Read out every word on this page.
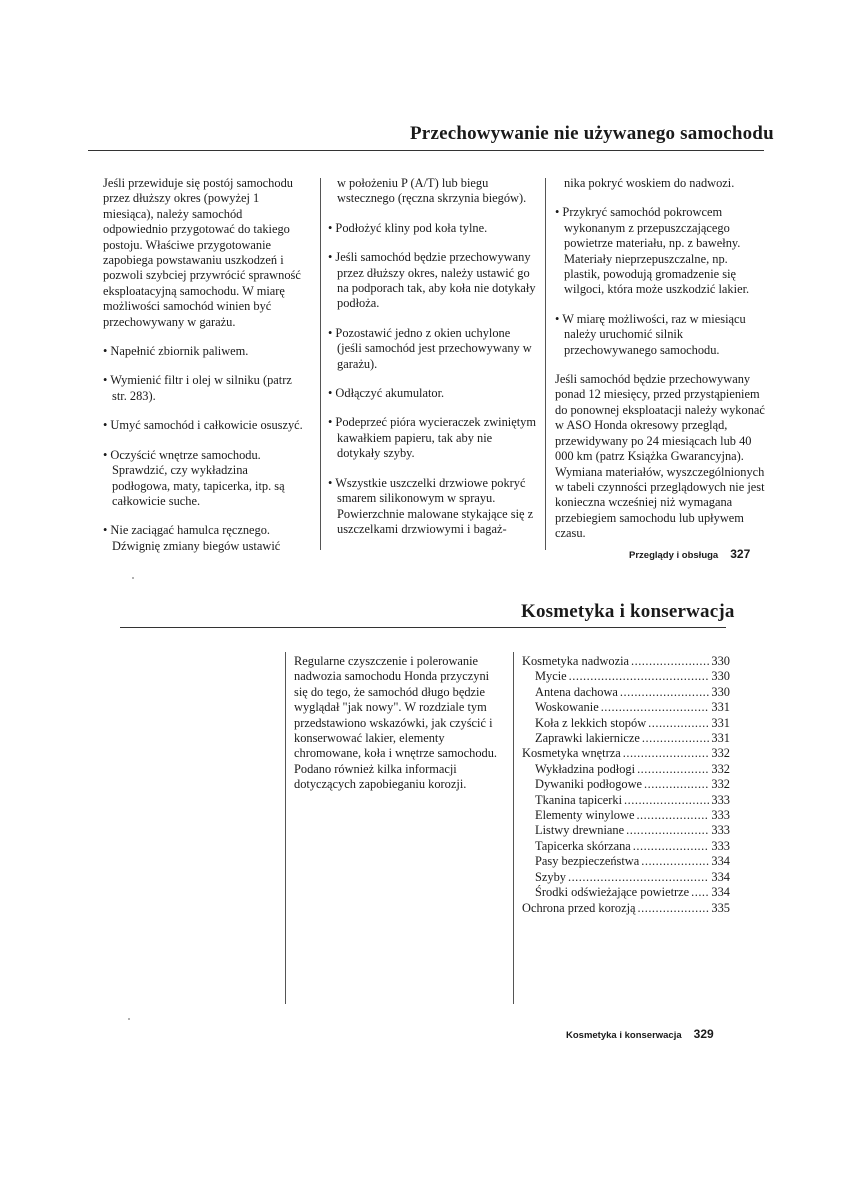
Przechowywanie nie używanego samochodu

Jeśli przewiduje się postój samochodu przez dłuższy okres (powyżej 1 miesiąca), należy samochód odpowiednio przygotować do takiego postoju. Właściwe przygotowanie zapobiega powstawaniu uszkodzeń i pozwoli szybciej przywrócić sprawność eksploatacyjną samochodu. W miarę możliwości samochód winien być przechowywany w garażu.

• Napełnić zbiornik paliwem.

• Wymienić filtr i olej w silniku (patrz str. 283).

• Umyć samochód i całkowicie osuszyć.

• Oczyścić wnętrze samochodu. Sprawdzić, czy wykładzina podłogowa, maty, tapicerka, itp. są całkowicie suche.

• Nie zaciągać hamulca ręcznego. Dźwignię zmiany biegów ustawić

w położeniu P (A/T) lub biegu wstecznego (ręczna skrzynia biegów).

• Podłożyć kliny pod koła tylne.

• Jeśli samochód będzie przechowywany przez dłuższy okres, należy ustawić go na podporach tak, aby koła nie dotykały podłoża.

• Pozostawić jedno z okien uchylone (jeśli samochód jest przechowywany w garażu).

• Odłączyć akumulator.

• Podeprzeć pióra wycieraczek zwiniętym kawałkiem papieru, tak aby nie dotykały szyby.

• Wszystkie uszczelki drzwiowe pokryć smarem silikonowym w sprayu. Powierzchnie malowane stykające się z uszczelkami drzwiowymi i bagaż-

nika pokryć woskiem do nadwozi.

• Przykryć samochód pokrowcem wykonanym z przepuszczającego powietrze materiału, np. z bawełny. Materiały nieprzepuszczalne, np. plastik, powodują gromadzenie się wilgoci, która może uszkodzić lakier.

• W miarę możliwości, raz w miesiącu należy uruchomić silnik przechowywanego samochodu.

Jeśli samochód będzie przechowywany ponad 12 miesięcy, przed przystąpieniem do ponownej eksploatacji należy wykonać w ASO Honda okresowy przegląd, przewidywany po 24 miesiącach lub 40 000 km (patrz Książka Gwarancyjna). Wymiana materiałów, wyszczególnionych w tabeli czynności przeglądowych nie jest konieczna wcześniej niż wymagana przebiegiem samochodu lub upływem czasu.

Przeglądy i obsługa 327
Kosmetyka i konserwacja
Regularne czyszczenie i polerowanie nadwozia samochodu Honda przyczyni się do tego, że samochód długo będzie wyglądał "jak nowy". W rozdziale tym przedstawiono wskazówki, jak czyścić i konserwować lakier, elementy chromowane, koła i wnętrze samochodu. Podano również kilka informacji dotyczących zapobieganiu korozji.
Kosmetyka nadwozia .....	330
Mycie .....	330
Antena dachowa .....	330
Woskowanie .....	331
Koła z lekkich stopów .....	331
Zaprawki lakiernicze .....	331
Kosmetyka wnętrza .....	332
Wykładzina podłogi .....	332
Dywaniki podłogowe .....	332
Tkanina tapicerki .....	333
Elementy winylowe .....	333
Listwy drewniane .....	333
Tapicerka skórzana .....	333
Pasy bezpieczeństwa .....	334
Szyby .....	334
Środki odświeżające powietrze ..... 334
Ochrona przed korozją .....	335
Kosmetyka i konserwacja 329
